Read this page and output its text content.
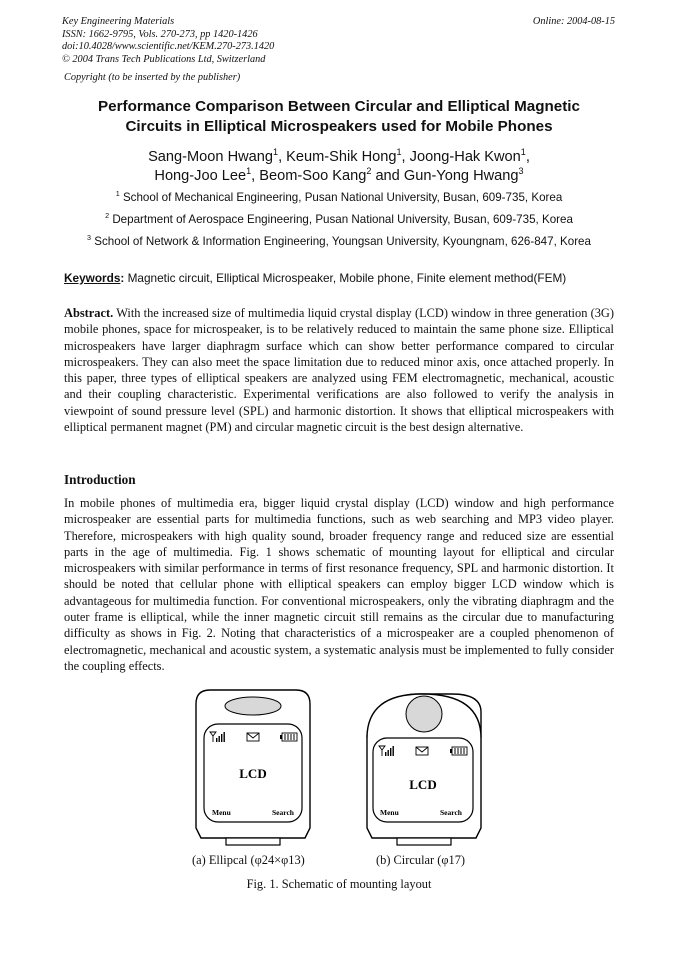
Key Engineering Materials
ISSN: 1662-9795, Vols. 270-273, pp 1420-1426
doi:10.4028/www.scientific.net/KEM.270-273.1420
© 2004 Trans Tech Publications Ltd, Switzerland
Online: 2004-08-15
Copyright (to be inserted by the publisher)
Performance Comparison Between Circular and Elliptical Magnetic
Circuits in Elliptical Microspeakers used for Mobile Phones
Sang-Moon Hwang$^1$, Keum-Shik Hong$^1$, Joong-Hak Kwon$^1$,
Hong-Joo Lee$^1$, Beom-Soo Kang$^2$ and Gun-Yong Hwang$^3$
$^1$ School of Mechanical Engineering, Pusan National University, Busan, 609-735, Korea
$^2$ Department of Aerospace Engineering, Pusan National University, Busan, 609-735, Korea
$^3$ School of Network & Information Engineering, Youngsan University, Kyoungnam, 626-847, Korea
Keywords: Magnetic circuit, Elliptical Microspeaker, Mobile phone, Finite element method(FEM)
Abstract. With the increased size of multimedia liquid crystal display (LCD) window in three generation (3G) mobile phones, space for microspeaker, is to be relatively reduced to maintain the same phone size. Elliptical microspeakers have larger diaphragm surface which can show better performance compared to circular microspeakers. They can also meet the space limitation due to reduced minor axis, once attached properly. In this paper, three types of elliptical speakers are analyzed using FEM electromagnetic, mechanical, acoustic and their coupling characteristic. Experimental verifications are also followed to verify the analysis in viewpoint of sound pressure level (SPL) and harmonic distortion. It shows that elliptical microspeakers with elliptical permanent magnet (PM) and circular magnetic circuit is the best design alternative.
Introduction
In mobile phones of multimedia era, bigger liquid crystal display (LCD) window and high performance microspeaker are essential parts for multimedia functions, such as web searching and MP3 video player. Therefore, microspeakers with high quality sound, broader frequency range and reduced size are essential parts in the age of multimedia. Fig. 1 shows schematic of mounting layout for elliptical and circular microspeakers with similar performance in terms of first resonance frequency, SPL and harmonic distortion. It should be noted that cellular phone with elliptical speakers can employ bigger LCD window which is advantageous for multimedia function. For conventional microspeakers, only the vibrating diaphragm and the outer frame is elliptical, while the inner magnetic circuit still remains as the circular due to manufacturing difficulty as shows in Fig. 2. Noting that characteristics of a microspeaker are a coupled phenomenon of electromagnetic, mechanical and acoustic system, a systematic analysis must be implemented to fully consider the coupling effects.
LCD
Menu	Search
LCD
Menu	Search
(a) Ellipcal (φ24×φ13)	(b) Circular (φ17)
Fig. 1. Schematic of mounting layout
